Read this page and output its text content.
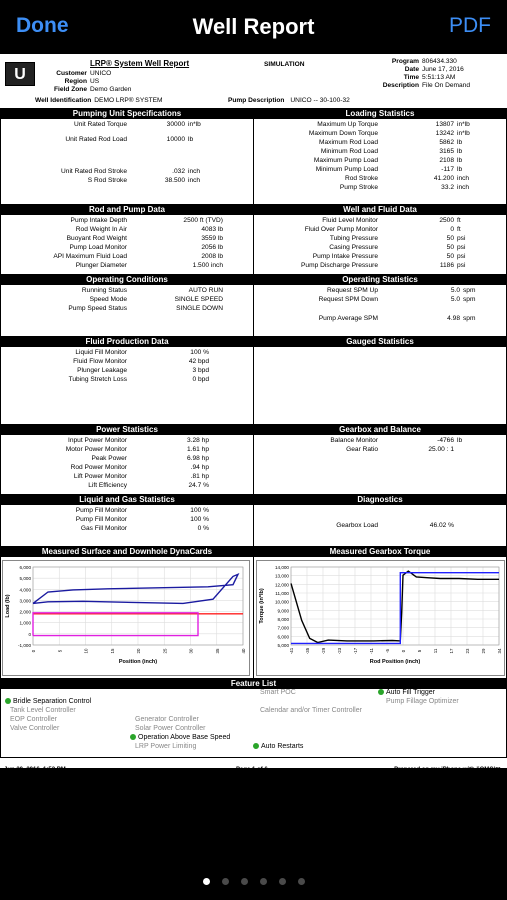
Done	Well Report	PDF
U
LRP® System Well Report	SIMULATION
Customer UNICO
Region US
Field Zone Demo Garden
Well Identification DEMO LRP® SYSTEM
Program 806434.330
Date June 17, 2016
Time 5:51:13 AM
Description File On Demand
Pump Description UNICO -- 30-100-32
Pumping Unit Specifications
Unit Rated Torque	30000 in*lb
Unit Rated Rod Load	10000 lb
Unit Rated Rod Stroke	.032 inch
S Rod Stroke	38.500 inch
Loading Statistics
Maximum Up Torque	13807 in*lb
Maximum Down Torque	13242 in*lb
Maximum Rod Load	5862 lb
Minimum Rod Load	3165 lb
Maximum Pump Load	2108 lb
Minimum Pump Load	-117 lb
Rod Stroke	41.200 inch
Pump Stroke	33.2 inch
Rod and Pump Data
Pump Intake Depth	2500 ft (TVD)
Rod Weight In Air	4083 lb
Buoyant Rod Weight	3559 lb
Pump Load Monitor	2056 lb
API Maximum Fluid Load	2008 lb
Plunger Diameter	1.500 inch
Well and Fluid Data
Fluid Level Monitor	2500 ft
Fluid Over Pump Monitor	0 ft
Tubing Pressure	50 psi
Casing Pressure	50 psi
Pump Intake Pressure	50 psi
Pump Discharge Pressure	1186 psi
Operating Conditions
Running Status	AUTO RUN
Speed Mode	SINGLE SPEED
Pump Speed Status	SINGLE DOWN
Operating Statistics
Request SPM Up	5.0 spm
Request SPM Down	5.0 spm
Pump Average SPM	4.98 spm
Fluid Production Data
Liquid Fill Monitor	100 %
Fluid Flow Monitor	42 bpd
Plunger Leakage	3 bpd
Tubing Stretch Loss	0 bpd
Gauged Statistics
Power Statistics
Input Power Monitor	3.28 hp
Motor Power Monitor	1.61 hp
Peak Power	6.98 hp
Rod Power Monitor	.94 hp
Lift Power Monitor	.81 hp
Lift Efficiency	24.7 %
Gearbox and Balance
Balance Monitor	-4766 lb
Gear Ratio	25.00 : 1
Liquid and Gas Statistics
Pump Fill Monitor	100 %
Pump Fill Monitor	100 %
Gas Fill Monitor	0 %
Diagnostics
Gearbox Load	46.02 %
Measured Surface and Downhole DynaCards	Measured Gearbox Torque
6,000
5,000
4,000
3,000
2,000
1,000
0
-1,000
0	5	10	15	20	25	30	35	40
Position (inch)
Load (lb)
14,000
13,000
12,000
11,000
10,000
9,000
8,000
7,000
6,000
5,000
-41	-35	-29	-23	-17	-11	-5	0	5	11	17	23	29	34
Rod Position (inch)
Torque (in*lb)
Feature List
Smart POC	Auto Fill Trigger
Bridle Separation Control	Pump Fillage Optimizer
Tank Level Controller	Calendar and/or Timer Controller
EOP Controller	Generator Controller
Valve Controller	Solar Power Controller
Operation Above Base Speed
LRP Power Limiting	Auto Restarts
Jun 30, 2016, 1:52 PM	Page 1 of 6	Prepared on my iPhone with 'iOMC'™
